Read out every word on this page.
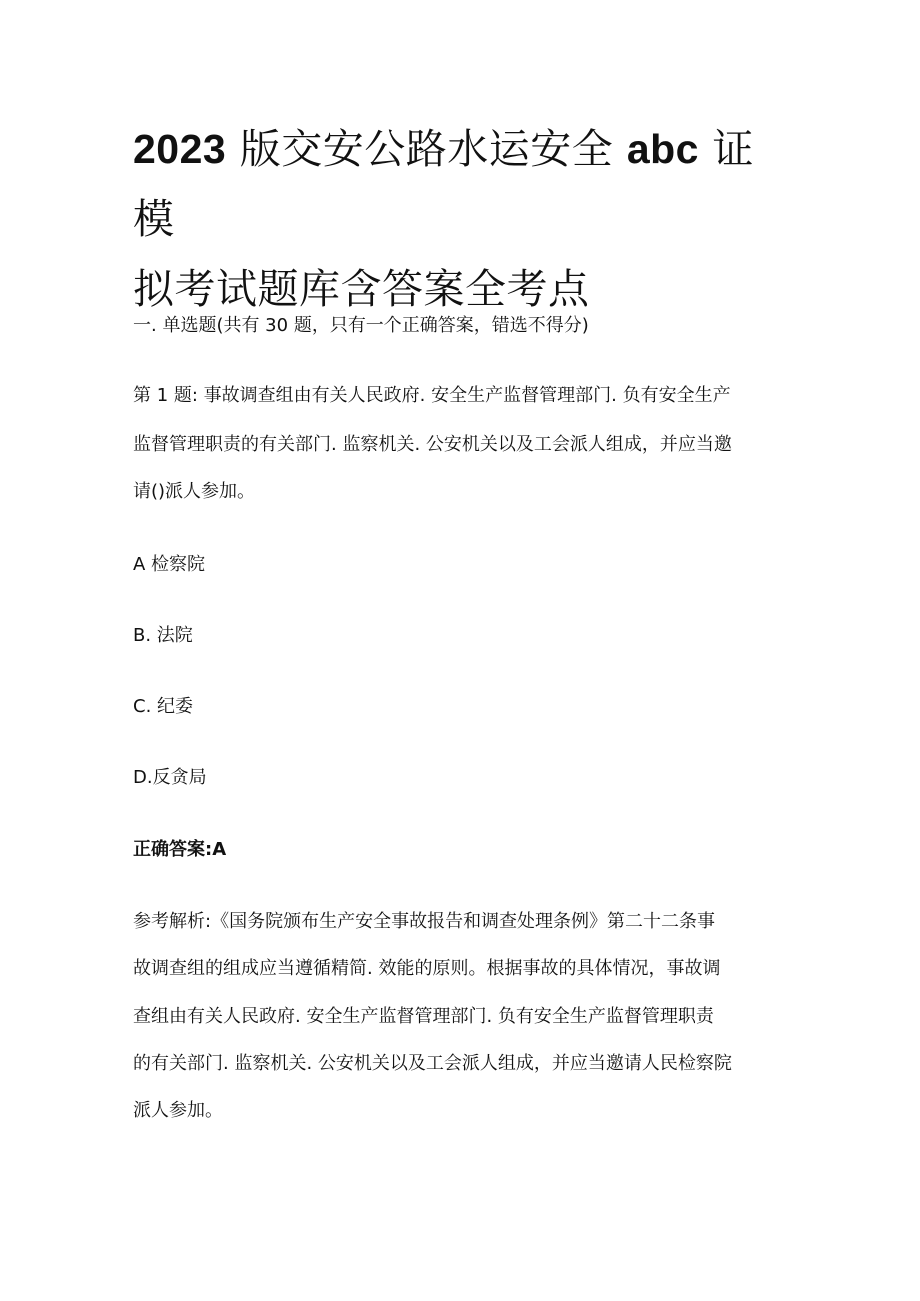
2023 版交安公路水运安全 abc 证模
拟考试题库含答案全考点

一. 单选题(共有 30 题，只有一个正确答案，错选不得分)

第 1 题: 事故调查组由有关人民政府. 安全生产监督管理部门. 负有安全生产

监督管理职责的有关部门. 监察机关. 公安机关以及工会派人组成，并应当邀

请()派人参加。

A 检察院

B. 法院

C. 纪委

D.反贪局

正确答案:A

参考解析:《国务院颁布生产安全事故报告和调查处理条例》第二十二条事

故调查组的组成应当遵循精简. 效能的原则。根据事故的具体情况，事故调

查组由有关人民政府. 安全生产监督管理部门. 负有安全生产监督管理职责

的有关部门. 监察机关. 公安机关以及工会派人组成，并应当邀请人民检察院

派人参加。
